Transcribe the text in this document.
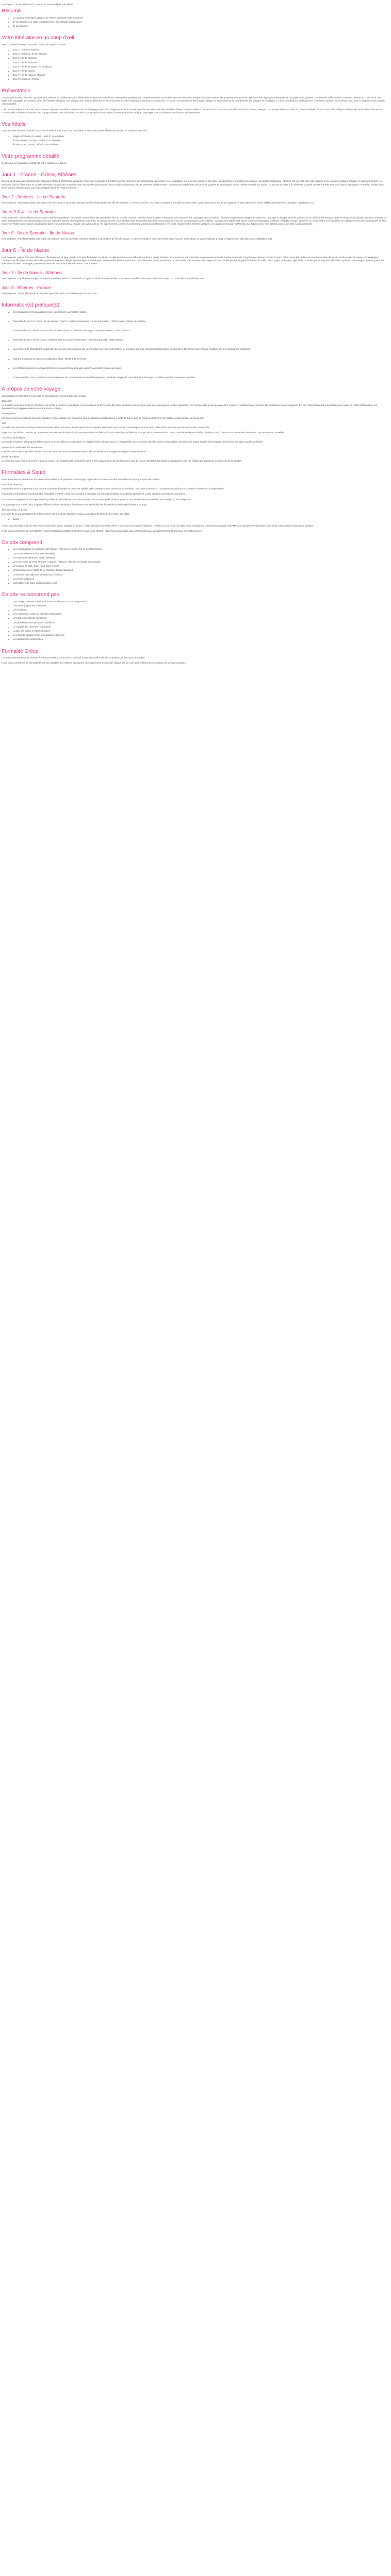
Description Ce prix comprend / Ce prix ne comprend pas Formalités

Résumé
• La capitale hellénique, alliance de trésors antiques et de modernité
• Île de Santorin, un cadre exceptionnel et ses villages pittoresques
• Île de Santorin
Votre itinéraire en un coup d'œil

Votre combiné Athènes / Santorin / Naxos en 8 jours / 7 nuits :

• Jour 1 : France / Athènes
• Jour 2 : Athènes / Ile de Santorin
• Jour 3 : Ile de Santorin
• Jour 4 : Ile de Santorin
• Jour 5 : Ile de Santorin / Ile de Naxos
• Jour 6 : Ile de Naxos
• Jour 7 : Ile de Naxos / Athènes
• Jour 8 : Athènes / France
Présentation

Ce combiné de deux îles des Cyclades et d'Athènes vit la démonstration idéale des richesses insulaires et continentales parfaitement complémentaires. Vous allez découvrir les sites antiques incontournables, les quartiers vivants de la capitale et les plages paradisiaques de l'archipel des Cyclades. Ce combiné mêle histoire, culture et détente au cœur de la mer Égée. Les paysages de Santorin, avec ses falaises abruptes, ses villages aux maisons blanches et ses couchers de soleil mythiques, sauront vous charmer. À Naxos, vous profiterez des longues plages de sable doré et de l'authenticité des villages de montagne. Le tout complété par la découverte d'Athènes, berceau de la démocratie, avec l'Acropole et ses musées exceptionnels.

Lors de votre séjour à Santorin, vous pourrez explorer la caldeira, visiter le site archéologique d'Akrotiri, déguster les vins locaux dans les domaines viticoles de l'île et flâner dans les ruelles d'Oia et de Fira. À Naxos, vous découvrirez la Portara, vestige d'un temple dédié à Apollon, le château vénitien de la Chora et les villages traditionnels de l'intérieur des terres comme Halki, Filoti ou Apiranthos. Un voyage complet pour découvrir la Grèce sous ses plus beaux aspects, entre patrimoine antique, paysages spectaculaires et art de vivre méditerranéen.

Vos hôtels

Dans le cadre de votre combiné, nous avons sélectionné pour vous des hôtels 3* ou 4* de qualité, idéalement situés, en chambre standard :

• Région d'Athènes (2 nuits) : Hôtel 3* ou similaire
• Île de Santorin (3 nuits) : Hôtel 3* ou similaire
• Île de Naxos (2 nuits) : Hôtel 3* ou similaire
Votre programme détaillé

Ci-dessous le programme détaillé de votre combiné en Grèce.

Jour 1 : France - Grèce, Athènes

Envol à destination de l'aéroport international d'Athènes Elefthérios-Venizélos. Vous serez accueilli et transféré à votre hôtel où vous séjournerez la première nuit. Installation. Le reste de la journée sera libre, vous pourrez en profiter pour explorer la capitale hellénique. Athènes est une ville aux mille visages où se côtoient vestiges antiques et quartiers animés. Ne manquez pas de flâner dans le quartier de Plaka, au pied de l'Acropole, avec ses ruelles pittoresques, ses boutiques d'artisanat et ses tavernes traditionnelles. Vous pourrez également découvrir le quartier de Monastiraki et son célèbre marché aux puces, ou encore assister à la relève de la garde devant le Parlement sur la place Syntagma. En soirée, profitez d'un dîner sur une terrasse avec vue sur l'Acropole illuminée. Nuit à Athènes.

Jour 2 : Athènes - Île de Santorin

Petit-déjeuner. Transfert matinal vers le port du Pirée pour la traversée maritime en ferry à destination de l'île de Santorin. À l'arrivée sur l'île, vous serez accueilli et transféré à votre hôtel. Vous séjournerez 3 nuits en logement à petit déjeuner à l'hôtel Yorkhouse Hotel 3* ou similaire. Installation, nuit.

Jours 3 & 4 : Île de Santorin

Petits déjeuners. Séjour libre pour découvrir cette île magnifique considérée comme l'une des plus belles îles du monde. Santorin est née d'une éruption volcanique qui a façonné ses paysages spectaculaires : falaises vertigineuses, plages de sable noir ou rouge et villages perchés au bord de la caldeira. Ne manquez pas le village d'Oia, réputé pour ses couchers de soleil exceptionnels, ses maisons blanches aux coupoles bleues et ses galeries d'art. Fira, la capitale de l'île, vous séduira avec ses ruelles animées, ses boutiques et sa vue panoramique sur la caldeira. Vous pourrez également visiter le site archéologique d'Akrotiri, véritable Pompéi égéenne, ou encore faire une excursion en bateau vers les îles volcaniques de Nea Kameni et Palea Kameni pour vous baigner dans les sources d'eau chaude. Les amateurs de vin apprécieront la visite d'un domaine viticole pour découvrir le vin local, notamment le célèbre Vinsanto. Les plages de Kamari et Perissa, aux sables noirs, sont idéales pour la détente. Nuits à Santorin.

Jour 5 : Île de Santorin - Île de Naxos

Petit déjeuner. Transfert matinal vers le port de Santorin pour la traversée maritime en ferry à destination de l'île de Naxos. À l'arrivée, transfert vers votre hôtel Agios Anna 2* ou similaire où vous résiderez 2 nuits en logement et petit déjeuner. Installation, nuit.

Jour 6 : Île de Naxos

Petit déjeuner. Séjour libre pour découvrir l'île de Naxos, la plus grande et la plus fertile des Cyclades. La ville de Chora vous offre de nombreux points d'intérêt, à commencer par la Portara, majestueuse porte de marbre du temple d'Apollon qui domine l'entrée du port. Flânez dans les ruelles du quartier vénitien du Kastro et découvrez le musée archéologique. L'intérieur de l'île vous réserve de belles surprises avec ses villages de montagne authentiques comme Halki, Filoti et Apiranthos, ses oliveraies et ses plantations de citronniers. Les amateurs de plages seront comblés par les longues étendues de sable doré d'Agios Prokopios, Agia Anna ou Plaka, parmi les plus belles des Cyclades. Ne manquez pas de goûter les spécialités locales : fromages, pommes de terre de Naxos et liqueur de Kitron. Nuit à Naxos.

Jour 7 : Île de Naxos - Athènes

Petit déjeuner. Transfert vers le port de Naxos et embarquement à destination du port du Pirée. À votre arrivée, vous serez transféré vers votre hôtel Evita Airport 3* ou similaire. Installation, nuit.

Jour 8 : Athènes - France

Petit-déjeuner. Temps libre jusqu'au transfert pour l'aéroport. Vol à destination de la France.

Information(s) pratique(s)
• Ce programme n'est pas adapté pour les personnes à mobilité réduite.
• Traversée le jour 2 Le Pirée / Île de Santorin (tarif en classe économique + taxes portuaires) - 7h20 environ, départ en matinée.
• Traversée le jour 5 Île de Santorin / Île de Naxos (tarif en classe économique + taxes portuaires) - 1h30 environ.
• Traversée le jour 7 Île de Naxos / Athènes (tarif en classe économique + taxes portuaires) - 4h00 environ.
• Les horaires de départs des transferts vous seront communiqués par un message sur votre convocation ou sur place par nos correspondants locaux. Les horaires des ferries peuvent être modifiés par les compagnies maritimes.
• Numéro d'urgence de notre correspondant local : 00 30 6 94 54 70 22
• Les hôtels indiqués ne sont pas définitifs ; ils peuvent être changés jusqu'à la dernière minute sur place.
• À votre arrivée, notre représentant vous remettra les coordonnées de vos hébergements, le détail complet de votre itinéraire ainsi que vos billets pour les traversées inter-îles.
À propos de votre voyage

Voici quelques informations à prendre en considération concernant votre voyage :

Transport

Le transfert entre l'aéroport et votre hôtel est inclus à l'arrivée et au départ. Les traversées en ferry sont effectuées en classe économique avec des compagnies locales régulières. Les horaires des ferries peuvent être soumis à modification en fonction des conditions météorologiques. En cas d'annulation d'une traversée pour cause de météo défavorable, les éventuels frais supplémentaires resteront à votre charge.

Hébergement

Les hôtels sont sélectionnés pour leur situation et leur confort. Les chambres sont généralement disponibles à partir de 14h le jour de l'arrivée et doivent être libérées avant 11h le jour du départ.

Vols

Les vols sont proposés au départ de nombreuses villes de France. Les horaires et compagnies aériennes vous seront communiqués lors de votre réservation. Les vols peuvent comporter une escale.

Important : les hôtels, horaires et prestations sont donnés à titre indicatif et peuvent être modifiés en fonction des disponibilités au moment de votre réservation. Pour toute demande particulière, n'hésitez pas à contacter notre service réservation qui saura vous conseiller.

Conditions spécifiques

En cas de conditions climatiques défavorables ou d'une affluence importante à l'hôtel pendant la haute saison, il est possible que certaines activités soient indisponibles. Les taxes de séjour locales sont à régler directement sur place auprès de l'hôtel.

Informations médicales à l'international

Pour les personnes à mobilité réduite, merci de contacter notre service réservation afin de vérifier si le voyage est adapté à votre situation.

Bébés et enfants

Le bébé doit avoir moins de 2 ans le jour du retour. Les enfants sont considérés comme tels jusqu'à leurs 12 ans révolus le jour du retour. Des tarifs spécifiques s'appliquent pour les enfants partageant la chambre de deux adultes.

Formalités & Santé

Nous transmettons ci-dessous les informations utiles pour préparer votre voyage et prendre connaissance des actualités du pays que vous allez visiter.

Formalités diverses

Au vu de l'Union européenne (UE), la carte nationale d'identité en cours de validité est le passeport sont admis sur le territoire. Une carte d'identité ou un passeport valide pour la durée du séjour est indispensable.

Pour toutes informations concernant les formalités d'entrée, nous vous invitons à consulter les sites du ministère des Affaires étrangères ou les services consulaires concernés.

Les mineurs voyageant à l'étranger doivent justifier de leur identité. Pour les mineurs non accompagnés de leurs parents, une autorisation de sortie du territoire (AST) est obligatoire.

Les passagers en transit dans un pays différent de leur destination finale sont priés de vérifier les formalités d'entrée spécifiques à ce pays.

Taxe de séjour en Grèce

Une taxe de séjour obligatoire de 1,50 € à 10 € par nuit et par chambre (selon la catégorie de l'hôtel) est à régler sur place.

• Santé

Il n'est pas nécessaire d'avoir des vaccins particuliers pour voyager en Grèce. Il est cependant conseillé d'être à jour dans vos vaccins habituels. Pensez à vous munir de votre carte européenne d'assurance maladie (CEAM), que vous pouvez demander auprès de votre caisse d'assurance maladie.

Nous vous conseillons de consulter les recommandations sanitaires officielles avant votre départ : https://www.diplomatie.gouv.fr/fr/conseils-aux-voyageurs/conseils-par-pays-destination/grece/

Ce prix comprend
• Les vols réguliers ou spéciaux A/R France / Athènes (selon la ville de départ choisie)
• Les taxes aériennes (montant révisable)
• Les transferts aéroport / hôtel / aéroport
• Les traversées en ferry Athènes / Santorin / Naxos / Athènes en classe économique
• Les transferts port / hôtel / port dans les îles
• L'hébergement en hôtels 3* en chambre double standard
• La formule petit-déjeuner pendant tout le séjour
• Les taxes portuaires
• L'assistance de notre correspondant local
Ce prix ne comprend pas
• Tout ce qui n'est pas mentionné dans la rubrique « ce prix comprend »
• Les repas (déjeuners et dîners)
• Les boissons
• Les excursions, visites et activités optionnelles
• Les dépenses d'ordre personnel
• Les pourboires aux guides et chauffeurs
• Le supplément chambre individuelle
• La taxe de séjour à régler sur place
• Les frais de bagage selon la compagnie aérienne
• Les assurances optionnelles
Formalité Grèce

Les ressortissants français doivent être en possession d'une pièce d'identité (carte nationale d'identité ou passeport) en cours de validité.

Nous vous conseillons de consulter le site du ministère des Affaires étrangères et européennes avant votre départ afin de vous tenir informé des conditions de voyage actuelles.
